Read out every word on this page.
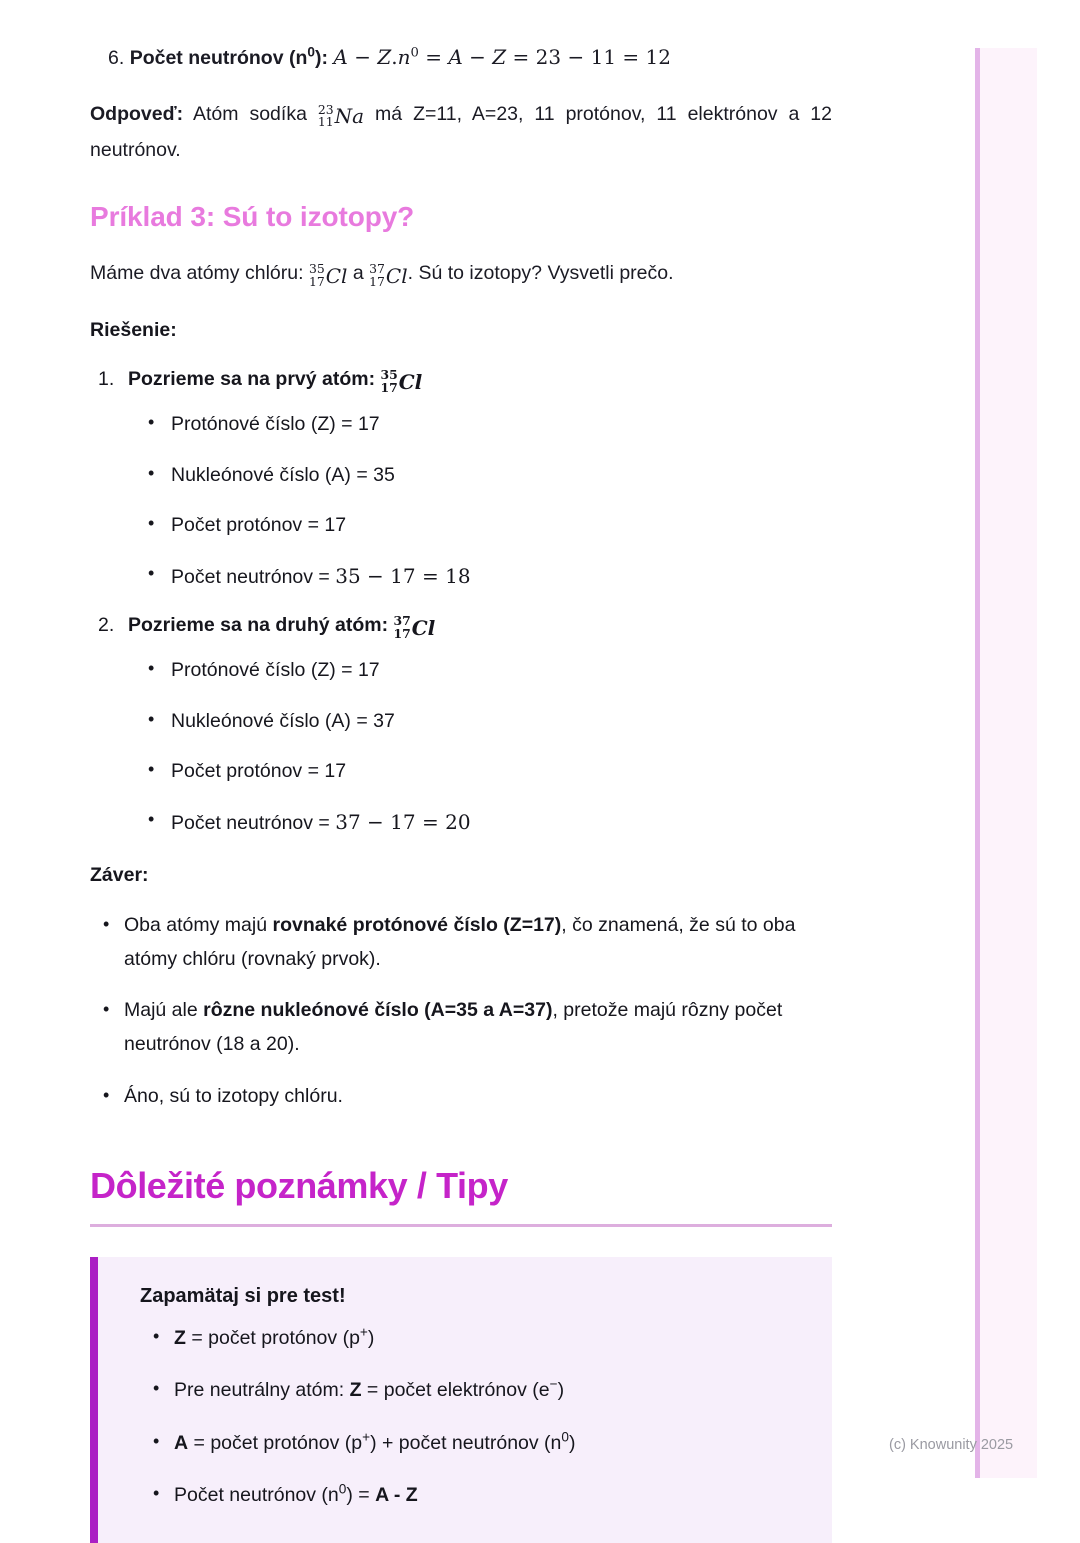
6. Počet neutrónov $(n^0)$: $A - Z.n^0 = A - Z = 23 - 11 = 12$
Odpoveď: Atóm sodíka 23
11Na má Z=11, A=23, 11 protónov, 11 elektrónov a 12 neutrónov.
Príklad 3: Sú to izotopy?
Máme dva atómy chlóru: 35
17Cl a 37
17Cl. Sú to izotopy? Vysvetli prečo.
Riešenie:
Pozrieme sa na prvý atóm: 35
17Cl
• Protónové číslo (Z) = 17
• Nukleónové číslo (A) = 35
• Počet protónov = 17
• Počet neutrónov = 35 − 17 = 18
Pozrieme sa na druhý atóm: 37
17Cl
• Protónové číslo (Z) = 17
• Nukleónové číslo (A) = 37
• Počet protónov = 17
• Počet neutrónov = 37 − 17 = 20
Záver:
• Oba atómy majú rovnaké protónové číslo (Z=17), čo znamená, že sú to oba atómy chlóru (rovnaký prvok).
• Majú ale rôzne nukleónové číslo (A=35 a A=37), pretože majú rôzny počet neutrónov (18 a 20).
• Áno, sú to izotopy chlóru.
Dôležité poznámky / Tipy
Zapamätaj si pre test!
• Z = počet protónov (p+)
• Pre neutrálny atóm: Z = počet elektrónov (e−)
• A = počet protónov (p+) + počet neutrónov $(n^0)$
• Počet neutrónov $(n^0) = A - Z$
(c) Knowunity 2025
